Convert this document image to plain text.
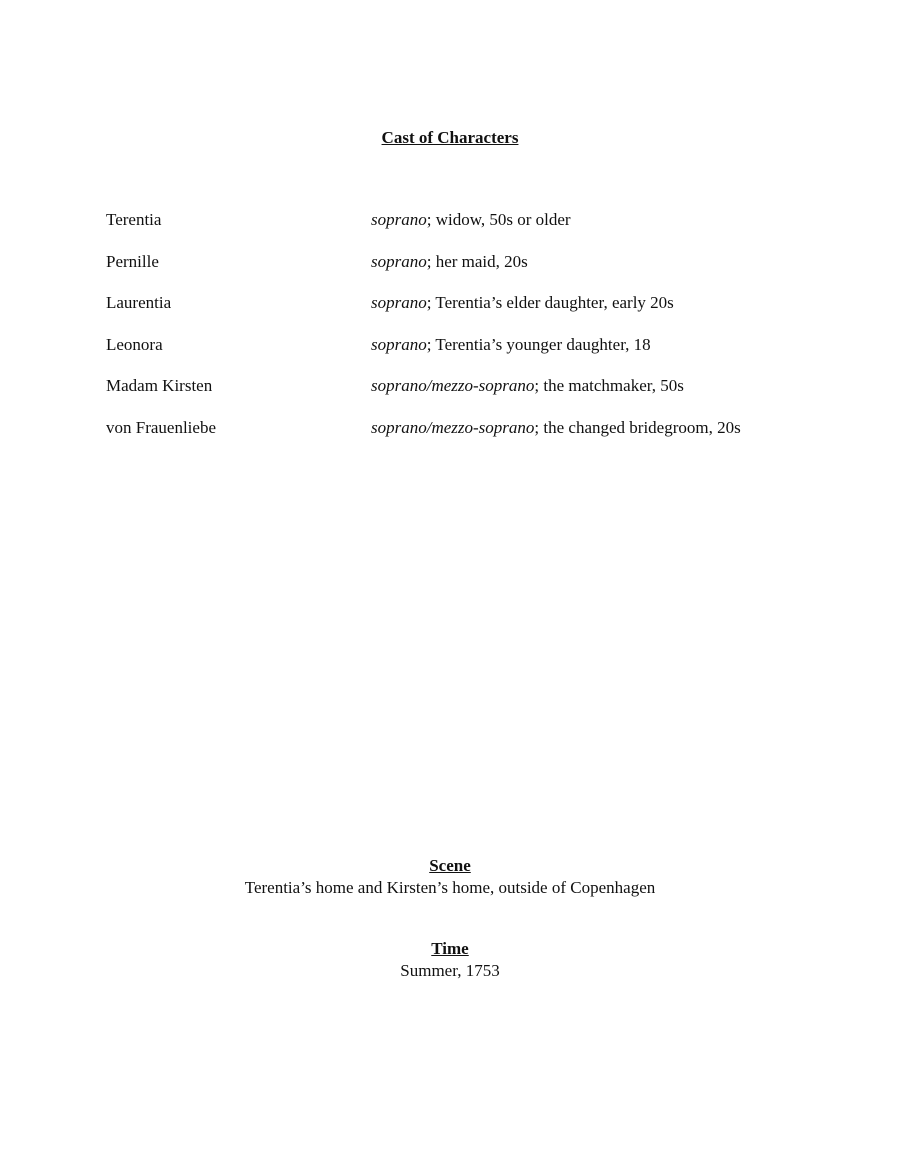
Cast of Characters
Terentia	soprano; widow, 50s or older
Pernille	soprano; her maid, 20s
Laurentia	soprano; Terentia’s elder daughter, early 20s
Leonora	soprano; Terentia’s younger daughter, 18
Madam Kirsten	soprano/mezzo-soprano; the matchmaker, 50s
von Frauenliebe	soprano/mezzo-soprano; the changed bridegroom, 20s
Scene
Terentia’s home and Kirsten’s home, outside of Copenhagen
Time
Summer, 1753
